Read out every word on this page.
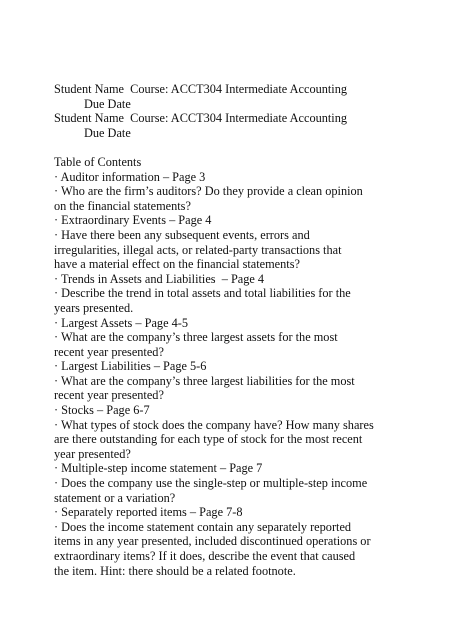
Student Name  Course: ACCT304 Intermediate Accounting
Due Date
Student Name  Course: ACCT304 Intermediate Accounting
Due Date
Table of Contents
· Auditor information – Page 3
· Who are the firm’s auditors? Do they provide a clean opinion
on the financial statements?
· Extraordinary Events – Page 4
· Have there been any subsequent events, errors and
irregularities, illegal acts, or related-party transactions that
have a material effect on the financial statements?
· Trends in Assets and Liabilities  – Page 4
· Describe the trend in total assets and total liabilities for the
years presented.
· Largest Assets – Page 4-5
· What are the company’s three largest assets for the most
recent year presented?
· Largest Liabilities – Page 5-6
· What are the company’s three largest liabilities for the most
recent year presented?
· Stocks – Page 6-7
· What types of stock does the company have? How many shares
are there outstanding for each type of stock for the most recent
year presented?
· Multiple-step income statement – Page 7
· Does the company use the single-step or multiple-step income
statement or a variation?
· Separately reported items – Page 7-8
· Does the income statement contain any separately reported
items in any year presented, included discontinued operations or
extraordinary items? If it does, describe the event that caused
the item. Hint: there should be a related footnote.
